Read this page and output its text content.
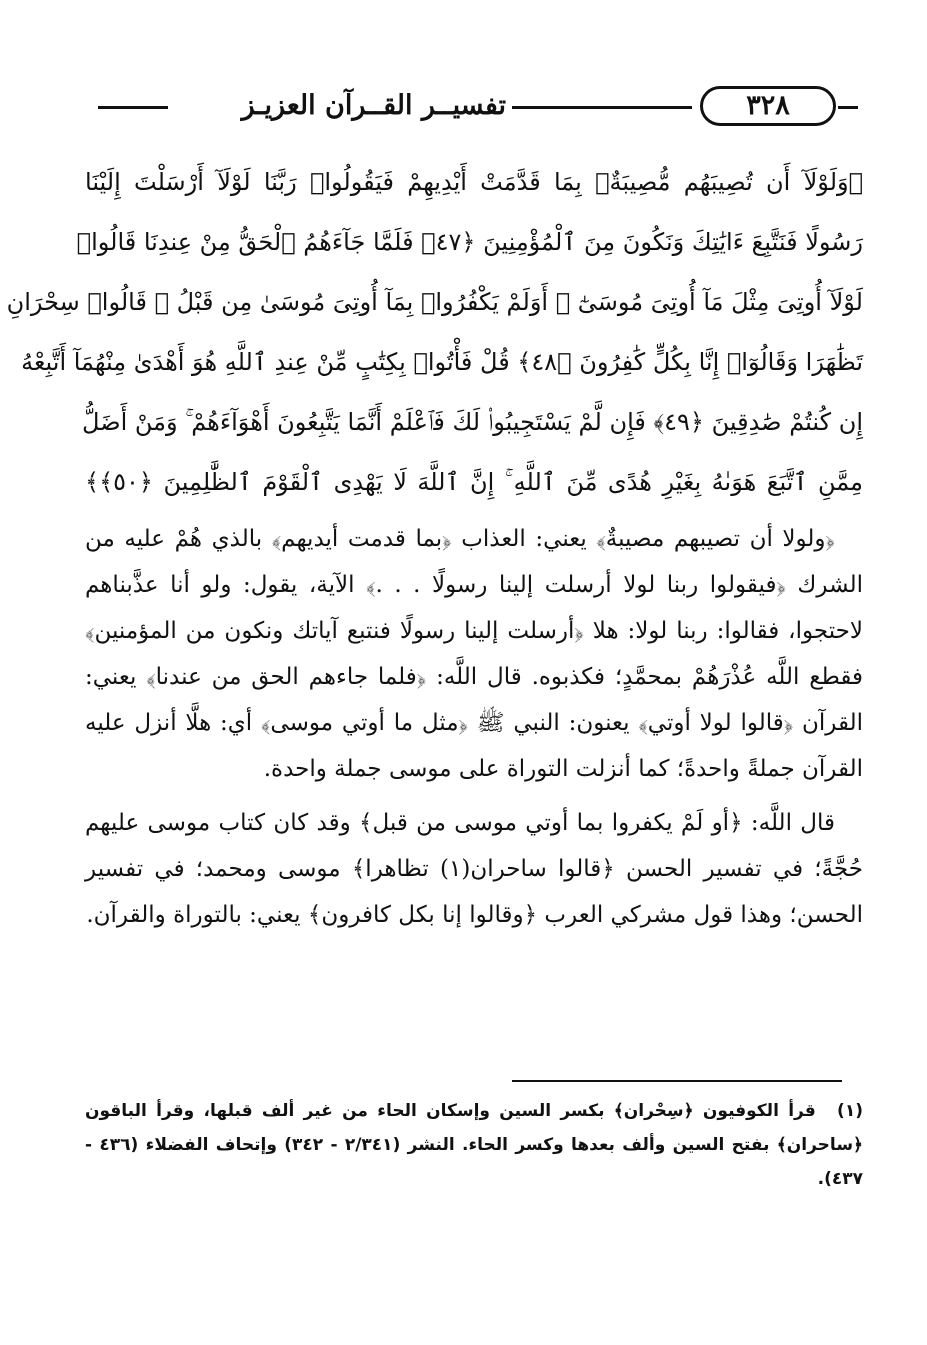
٣٢٨
تفسيــر القــرآن العزيـز
﴿وَلَوْلَآ أَن تُصِيبَهُم مُّصِيبَةٌۢ بِمَا قَدَّمَتْ أَيْدِيهِمْ فَيَقُولُوا۟ رَبَّنَا لَوْلَآ أَرْسَلْتَ إِلَيْنَا
رَسُولًا فَنَتَّبِعَ ءَايَٰتِكَ وَنَكُونَ مِنَ ٱلْمُؤْمِنِينَ ﴿٤٧﴾ فَلَمَّا جَآءَهُمُ ٱلْحَقُّ مِنْ عِندِنَا قَالُوا۟
لَوْلَآ أُوتِىَ مِثْلَ مَآ أُوتِىَ مُوسَىٰٓ ۚ أَوَلَمْ يَكْفُرُوا۟ بِمَآ أُوتِىَ مُوسَىٰ مِن قَبْلُ ۖ قَالُوا۟ سِحْرَانِ
تَظَٰهَرَا وَقَالُوٓا۟ إِنَّا بِكُلٍّ كَٰفِرُونَ ﴿٤٨﴾ قُلْ فَأْتُوا۟ بِكِتَٰبٍ مِّنْ عِندِ ٱللَّهِ هُوَ أَهْدَىٰ مِنْهُمَآ أَتَّبِعْهُ
إِن كُنتُمْ صَٰدِقِينَ ﴿٤٩﴾ فَإِن لَّمْ يَسْتَجِيبُوا۟ لَكَ فَٱعْلَمْ أَنَّمَا يَتَّبِعُونَ أَهْوَآءَهُمْ ۚ وَمَنْ أَضَلُّ
مِمَّنِ ٱتَّبَعَ هَوَىٰهُ بِغَيْرِ هُدًى مِّنَ ٱللَّهِ ۚ إِنَّ ٱللَّهَ لَا يَهْدِى ٱلْقَوْمَ ٱلظَّٰلِمِينَ ﴿٥٠﴾﴾

﴿ولولا أن تصيبهم مصيبةٌ﴾ يعني: العذاب ﴿بما قدمت أيديهم﴾ بالذي هُمْ عليه من الشرك ﴿فيقولوا ربنا لولا أرسلت إلينا رسولًا . . .﴾ الآية، يقول: ولو أنا عذَّبناهم لاحتجوا، فقالوا: ربنا لولا: هلا ﴿أرسلت إلينا رسولًا فنتبع آياتك ونكون من المؤمنين﴾ فقطع اللَّه عُذْرَهُمْ بمحمَّدٍ؛ فكذبوه. قال اللَّه: ﴿فلما جاءهم الحق من عندنا﴾ يعني: القرآن ﴿قالوا لولا أوتي﴾ يعنون: النبي ﷺ ﴿مثل ما أوتي موسى﴾ أي: هلَّا أنزل عليه القرآن جملةً واحدةً؛ كما أنزلت التوراة على موسى جملة واحدة.

قال اللَّه: ﴿أو لَمْ يكفروا بما أوتي موسى من قبل﴾ وقد كان كتاب موسى عليهم حُجَّةً؛ في تفسير الحسن ﴿قالوا ساحران(١) تظاهرا﴾ موسى ومحمد؛ في تفسير الحسن؛ وهذا قول مشركي العرب ﴿وقالوا إنا بكل كافرون﴾ يعني: بالتوراة والقرآن.

(١) قرأ الكوفيون ﴿سِحْران﴾ بكسر السين وإسكان الحاء من غير ألف قبلها، وقرأ الباقون ﴿ساحران﴾ بفتح السين وألف بعدها وكسر الحاء. النشر (٢/٣٤١ - ٣٤٢) وإتحاف الفضلاء (٤٣٦ - ٤٣٧).
